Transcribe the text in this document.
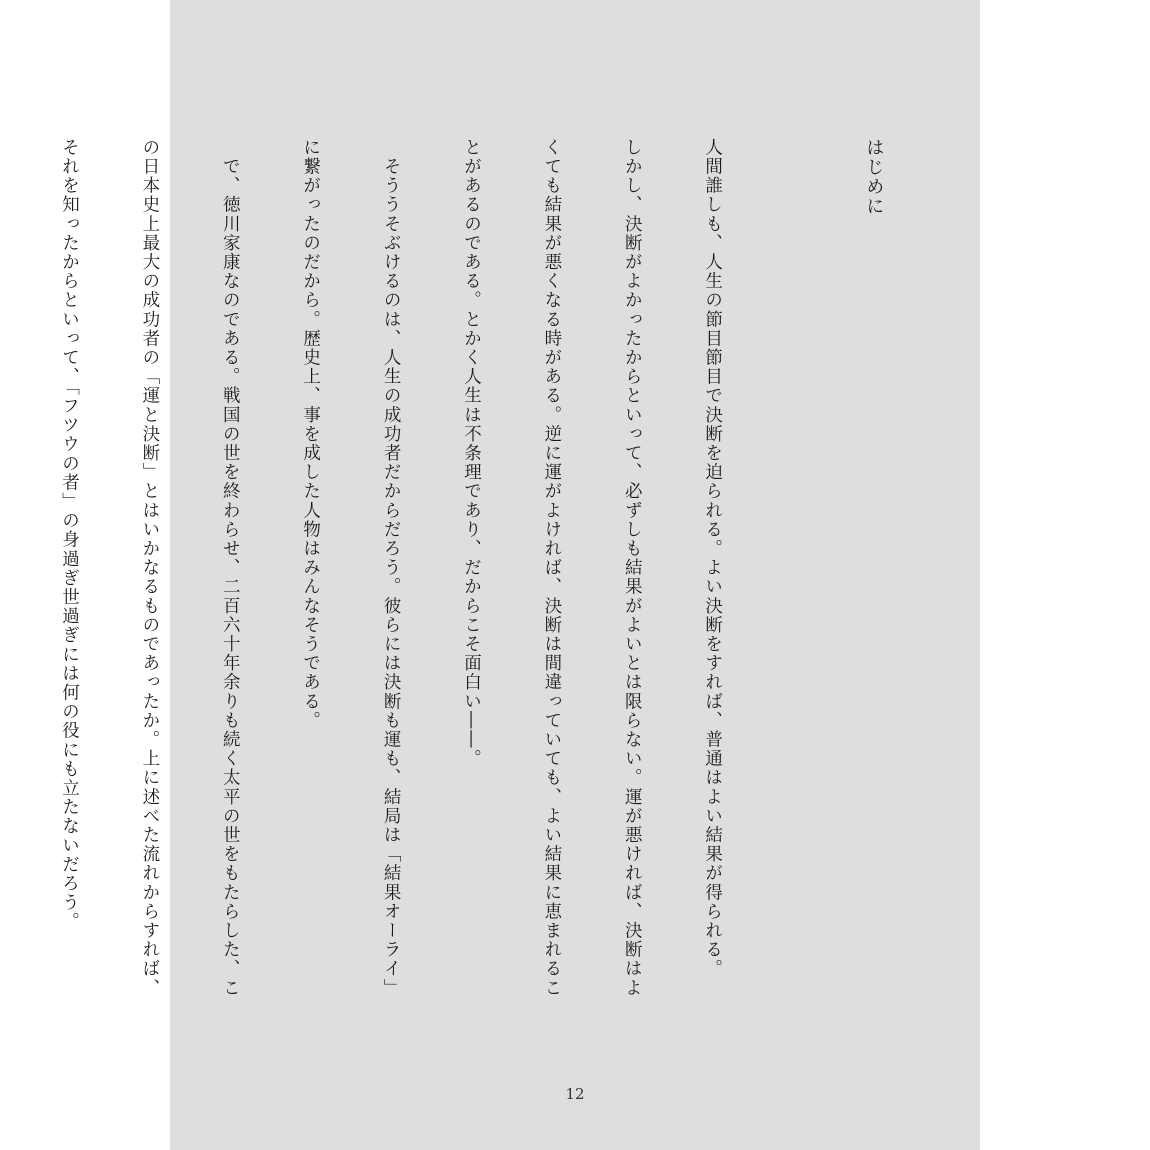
はじめに

人間誰しも、人生の節目節目で決断を迫られる。よい決断をすれば、普通はよい結果が得られる。

しかし、決断がよかったからといって、必ずしも結果がよいとは限らない。運が悪ければ、決断はよ

くても結果が悪くなる時がある。逆に運がよければ、決断は間違っていても、よい結果に恵まれるこ

とがあるのである。とかく人生は不条理であり、だからこそ面白い――。

　そううそぶけるのは、人生の成功者だからだろう。彼らには決断も運も、結局は「結果オーライ」

に繋がったのだから。歴史上、事を成した人物はみんなそうである。

　で、徳川家康なのである。戦国の世を終わらせ、二百六十年余りも続く太平の世をもたらした、こ

の日本史上最大の成功者の「運と決断」とはいかなるものであったか。上に述べた流れからすれば、

それを知ったからといって、「フツウの者」の身過ぎ世過ぎには何の役にも立たないだろう。

12
